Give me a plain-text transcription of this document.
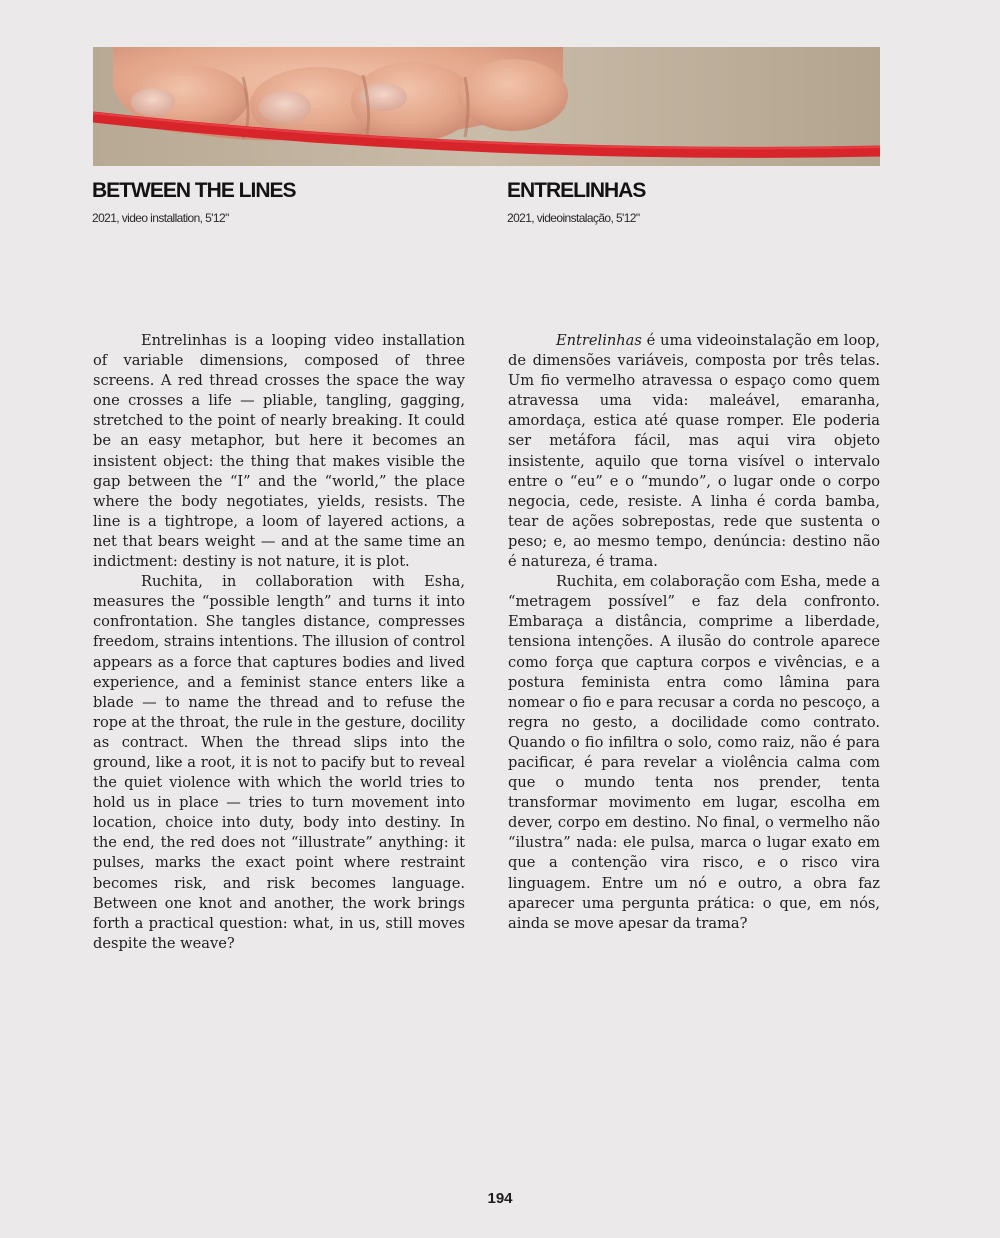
BETWEEN THE LINES
2021, video installation, 5'12"
ENTRELINHAS
2021, videoinstalação, 5'12"

Entrelinhas is a looping video installation of variable dimensions, composed of three screens. A red thread crosses the space the way one crosses a life — pliable, tangling, gagging, stretched to the point of nearly breaking. It could be an easy metaphor, but here it becomes an insistent object: the thing that makes visible the gap between the “I” and the “world,” the place where the body negotiates, yields, resists. The line is a tightrope, a loom of layered actions, a net that bears weight — and at the same time an indictment: destiny is not nature, it is plot.

Ruchita, in collaboration with Esha, measures the “possible length” and turns it into confrontation. She tangles distance, compresses freedom, strains intentions. The illusion of control appears as a force that captures bodies and lived experience, and a feminist stance enters like a blade — to name the thread and to refuse the rope at the throat, the rule in the gesture, docility as contract. When the thread slips into the ground, like a root, it is not to pacify but to reveal the quiet violence with which the world tries to hold us in place — tries to turn movement into location, choice into duty, body into destiny. In the end, the red does not “illustrate” anything: it pulses, marks the exact point where restraint becomes risk, and risk becomes language. Between one knot and another, the work brings forth a practical question: what, in us, still moves despite the weave?

Entrelinhas é uma videoinstalação em loop, de dimensões variáveis, composta por três telas. Um fio vermelho atravessa o espaço como quem atravessa uma vida: maleável, emaranha, amordaça, estica até quase romper. Ele poderia ser metáfora fácil, mas aqui vira objeto insistente, aquilo que torna visível o intervalo entre o “eu” e o “mundo”, o lugar onde o corpo negocia, cede, resiste. A linha é corda bamba, tear de ações sobrepostas, rede que sustenta o peso; e, ao mesmo tempo, denúncia: destino não é natureza, é trama.

Ruchita, em colaboração com Esha, mede a “metragem possível” e faz dela confronto. Embaraça a distância, comprime a liberdade, tensiona intenções. A ilusão do controle aparece como força que captura corpos e vivências, e a postura feminista entra como lâmina para nomear o fio e para recusar a corda no pescoço, a regra no gesto, a docilidade como contrato. Quando o fio infiltra o solo, como raiz, não é para pacificar, é para revelar a violência calma com que o mundo tenta nos prender, tenta transformar movimento em lugar, escolha em dever, corpo em destino. No final, o vermelho não “ilustra” nada: ele pulsa, marca o lugar exato em que a contenção vira risco, e o risco vira linguagem. Entre um nó e outro, a obra faz aparecer uma pergunta prática: o que, em nós, ainda se move apesar da trama?

194
